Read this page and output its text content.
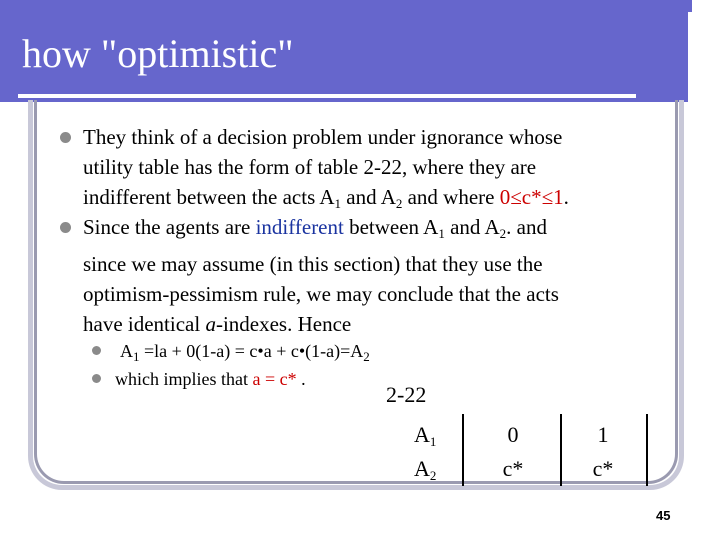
how "optimistic"
They think of a decision problem under ignorance whose
utility table has the form of table 2-22, where they are
indifferent between the acts $A_1$ and $A_2$ and where 0≤c*≤1.
Since the agents are indifferent between $A_1$ and $A_2$. and
since we may assume (in this section) that they use the
optimism-pessimism rule, we may conclude that the acts
have identical a-indexes. Hence
$A_1 =la + 0(1-a)$ = c•a + $c•(1-a)=A_2$
which implies that a = c* .
2-22
$A_1$	0	1
$A_2$	c*	c*
45
